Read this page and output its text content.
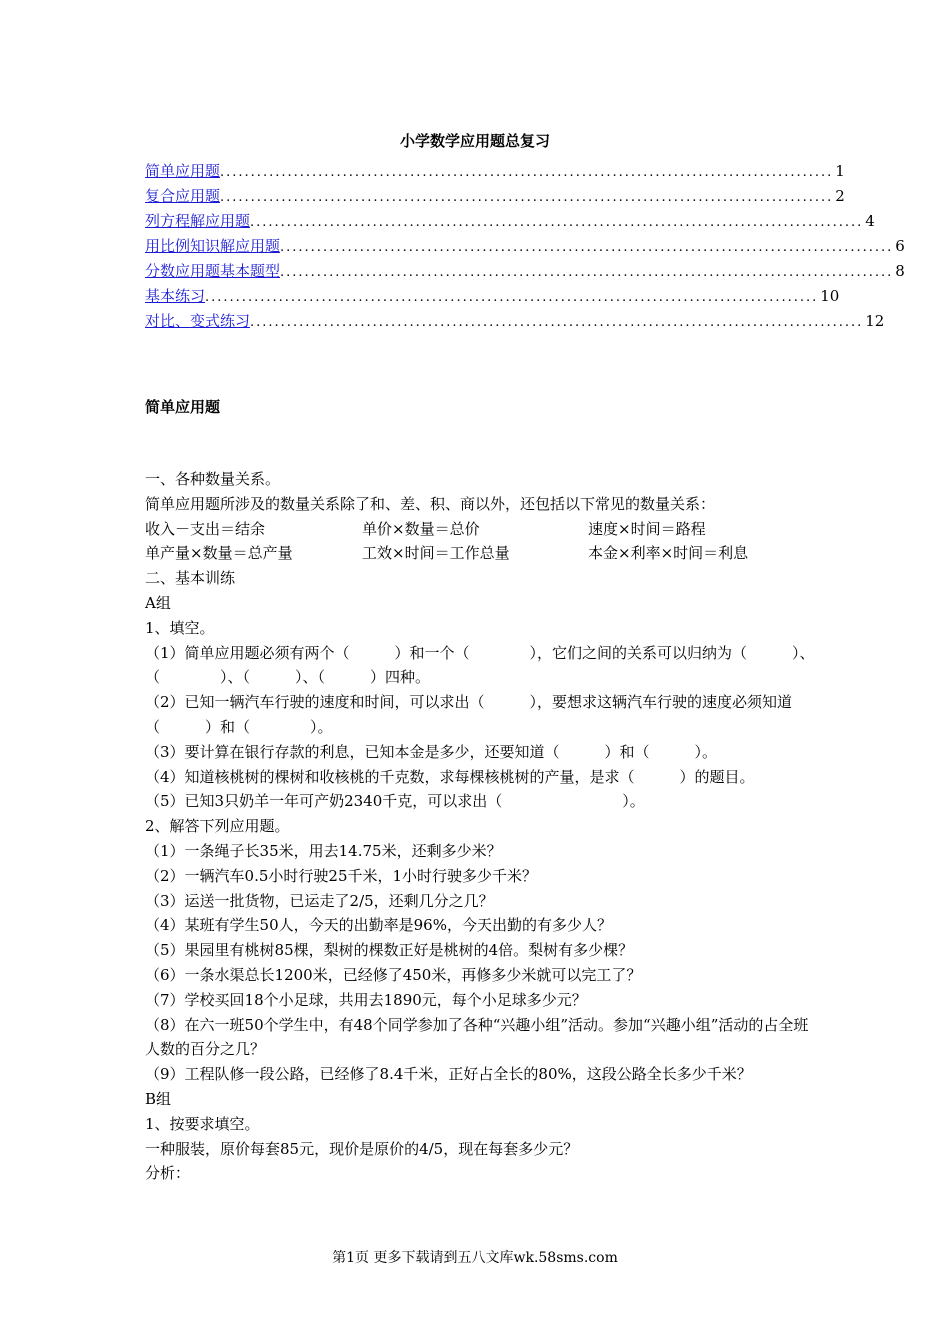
小学数学应用题总复习
简单应用题 .................................................................................................... 1
复合应用题 .................................................................................................... 2
列方程解应用题 .................................................................................................... 4
用比例知识解应用题 .................................................................................................... 6
分数应用题基本题型 .................................................................................................... 8
基本练习 .................................................................................................... 10
对比、变式练习 .................................................................................................... 12
简单应用题
一、各种数量关系。
简单应用题所涉及的数量关系除了和、差、积、商以外，还包括以下常见的数量关系：
收入－支出＝结余	单价×数量＝总价	速度×时间＝路程
单产量×数量＝总产量	工效×时间＝工作总量	本金×利率×时间＝利息
二、基本训练
A组
1、填空。
（1）简单应用题必须有两个（　　　）和一个（　　　　），它们之间的关系可以归纳为（　　　）、（　　　　）、（　　　）、（　　　）四种。
（2）已知一辆汽车行驶的速度和时间，可以求出（　　　），要想求这辆汽车行驶的速度必须知道（　　　）和（　　　　）。
（3）要计算在银行存款的利息，已知本金是多少，还要知道（　　　）和（　　　）。
（4）知道核桃树的棵树和收核桃的千克数，求每棵核桃树的产量，是求（　　　）的题目。
（5）已知3只奶羊一年可产奶2340千克，可以求出（　　　　　　　　）。
2、解答下列应用题。
（1）一条绳子长35米，用去14.75米，还剩多少米？
（2）一辆汽车0.5小时行驶25千米，1小时行驶多少千米？
（3）运送一批货物，已运走了2/5，还剩几分之几？
（4）某班有学生50人，今天的出勤率是96%，今天出勤的有多少人？
（5）果园里有桃树85棵，梨树的棵数正好是桃树的4倍。梨树有多少棵？
（6）一条水渠总长1200米，已经修了450米，再修多少米就可以完工了？
（7）学校买回18个小足球，共用去1890元，每个小足球多少元？
（8）在六一班50个学生中，有48个同学参加了各种“兴趣小组”活动。参加“兴趣小组”活动的占全班人数的百分之几？
（9）工程队修一段公路，已经修了8.4千米，正好占全长的80%，这段公路全长多少千米？
B组
1、按要求填空。
一种服装，原价每套85元，现价是原价的4/5，现在每套多少元？
分析：
第1页 更多下载请到五八文库wk.58sms.com
